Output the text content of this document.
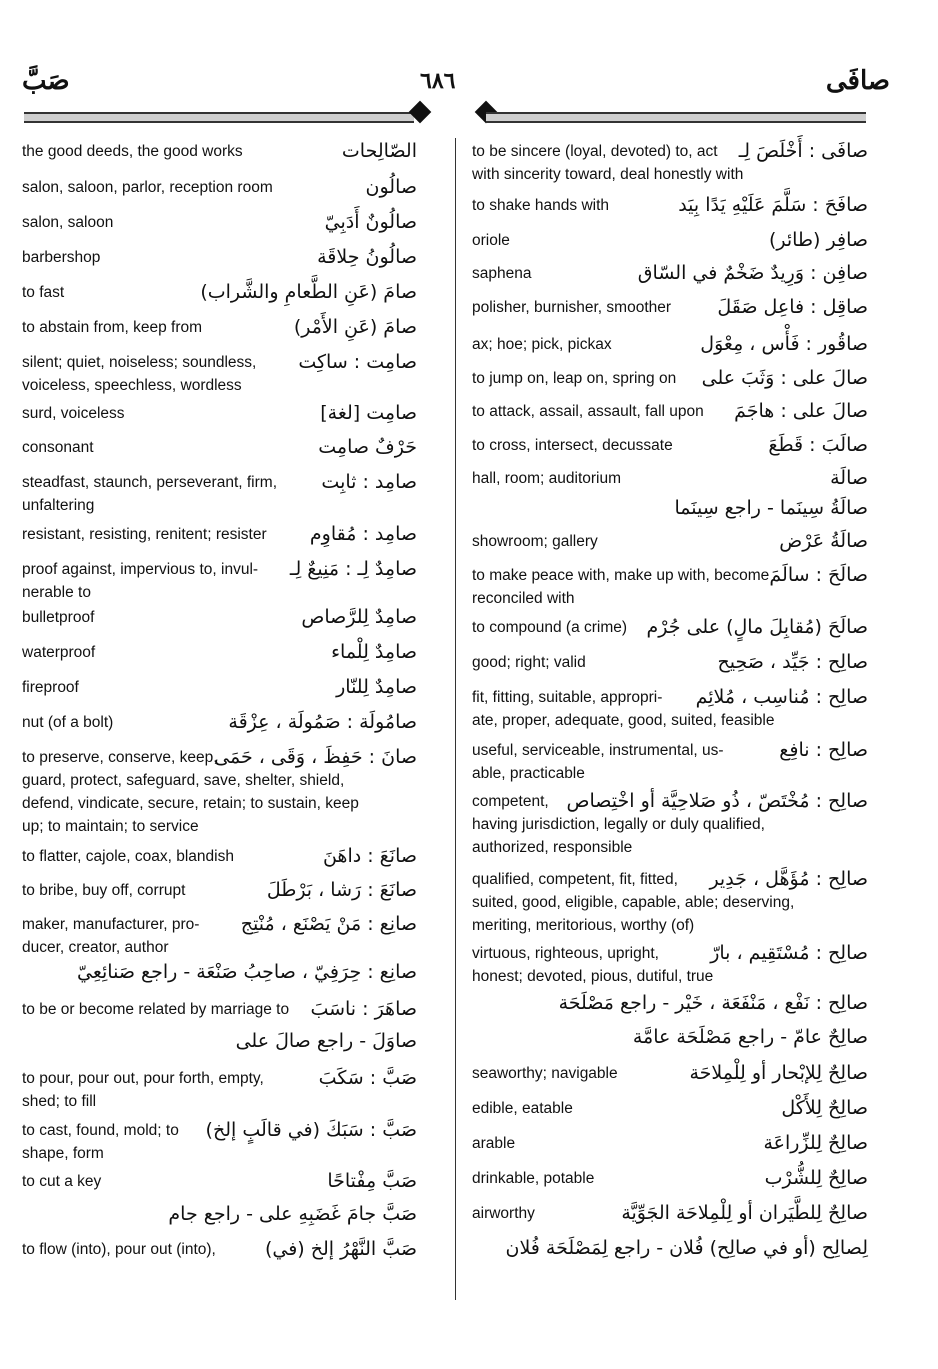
صَبَّ	٦٨٦	صافَى
الصّالِحات
the good deeds, the good works
صالُون
salon, saloon, parlor, reception room
صالُونٌ أَدَبِيّ
salon, saloon
صالُونُ حِلاقَة
barbershop
صامَ (عَنِ الطَّعامِ والشَّراب)
to fast
صامَ (عَنِ الأَمْر)
to abstain from, keep from
صامِت : ساكِت
silent; quiet, noiseless; soundless,
voiceless, speechless, wordless
صامِت [لغة]
surd, voiceless
حَرْفٌ صامِت
consonant
صامِد : ثابِت
steadfast, staunch, perseverant, firm,
unfaltering
صامِد : مُقاوِم
resistant, resisting, renitent; resister
صامِدٌ لِـ : مَنِيعٌ لِـ
proof against, impervious to, invul-
nerable to
صامِدٌ لِلرَّصاص
bulletproof
صامِدٌ لِلْماء
waterproof
صامِدٌ لِلنّار
fireproof
صامُولَة : صَمُولَة ، عِزْقَة
nut (of a bolt)
صانَ : حَفِظَ ، وَقَى ، حَمَى
to preserve, conserve, keep,
guard, protect, safeguard, save, shelter, shield,
defend, vindicate, secure, retain; to sustain, keep
up; to maintain; to service
صانَعَ : داهَنَ
to flatter, cajole, coax, blandish
صانَعَ : رَشا ، بَرْطَلَ
to bribe, buy off, corrupt
صانِع : مَنْ يَصْنَع ، مُنْتِج
maker, manufacturer, pro-
ducer, creator, author
صانِع : حِرَفِيّ ، صاحِبُ صَنْعَة - راجع صَنائِعِيّ
صاهَرَ : ناسَبَ
to be or become related by marriage to
صاوَلَ - راجع صالَ على
صَبَّ : سَكَبَ
to pour, pour out, pour forth, empty,
shed; to fill
صَبَّ : سَبَكَ (في قالَبٍ إلخ)
to cast, found, mold; to
shape, form
صَبَّ مِفْتاحًا
to cut a key
صَبَّ جامَ غَضَبِهِ على - راجع جام
صَبَّ النَّهْرُ إلخ (في)
to flow (into), pour out (into),
صافَى : أَخْلَصَ لِـ
to be sincere (loyal, devoted) to, act
with sincerity toward, deal honestly with
صافَحَ : سَلَّمَ عَلَيْهِ يَدًا بِيَد
to shake hands with
صافِر (طائر)
oriole
صافِن : وَرِيدٌ ضَخْمٌ في السّاق
saphena
صاقِل : فاعِل صَقَلَ
polisher, burnisher, smoother
صاقُور : فَأْس ، مِعْوَل
ax; hoe; pick, pickax
صالَ على : وَثَبَ على
to jump on, leap on, spring on
صالَ على : هاجَمَ
to attack, assail, assault, fall upon
صالَبَ : قَطَعَ
to cross, intersect, decussate
صالَة
hall, room; auditorium
صالَةُ سِينَما - راجع سِينَما
صالَةُ عَرْض
showroom; gallery
صالَحَ : سالَمَ
to make peace with, make up with, become
reconciled with
صالَحَ (مُقابِلَ مالٍ) على جُرْم
to compound (a crime)
صالِح : جَيِّد ، صَحِيح
good; right; valid
صالِح : مُناسِب ، مُلائِم
fit, fitting, suitable, appropri-
ate, proper, adequate, good, suited, feasible
صالِح : نافِع
useful, serviceable, instrumental, us-
able, practicable
صالِح : مُخْتَصّ ، ذُو صَلاحِيَّة أو اخْتِصاص
competent,
having jurisdiction, legally or duly qualified,
authorized, responsible
صالِح : مُؤَهَّل ، جَدِير
qualified, competent, fit, fitted,
suited, good, eligible, capable, able; deserving,
meriting, meritorious, worthy (of)
صالِح : مُسْتَقِيم ، بارّ
virtuous, righteous, upright,
honest; devoted, pious, dutiful, true
صالِح : نَفْع ، مَنْفَعَة ، خَيْر - راجع مَصْلَحَة
صالِحٌ عامّ - راجع مَصْلَحَة عامَّة
صالِحٌ لِلإبْحار أو لِلْمِلاحَة
seaworthy; navigable
صالِحٌ لِلأَكْل
edible, eatable
صالِحٌ لِلزِّراعَة
arable
صالِحٌ لِلشُّرْب
drinkable, potable
صالِحٌ لِلطَّيَران أو لِلْمِلاحَة الجَوِّيَّة
airworthy
لِصالِح (أو في صالِح) فُلان - راجع لِمَصْلَحَة فُلان
